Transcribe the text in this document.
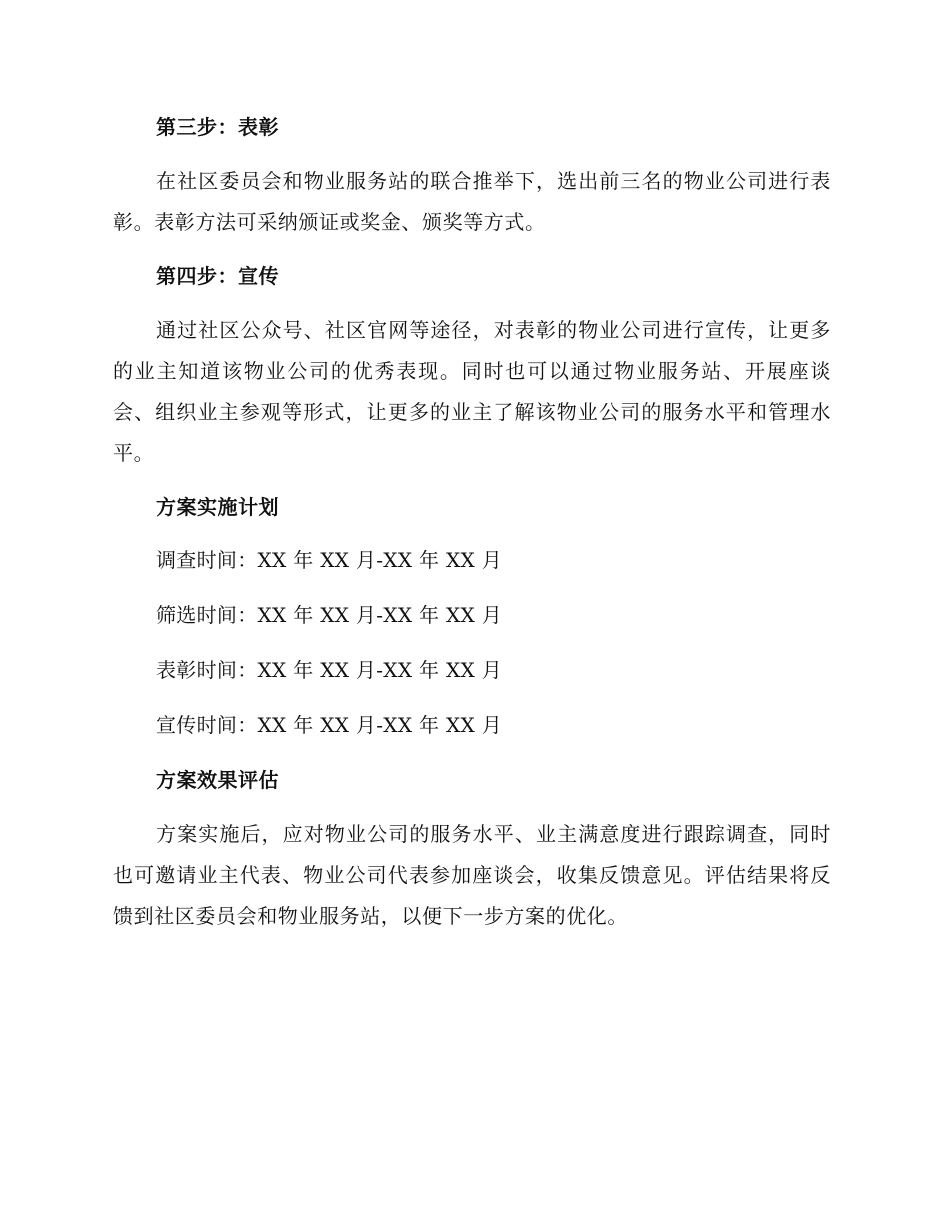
第三步：表彰
在社区委员会和物业服务站的联合推举下，选出前三名的物业公司进行表彰。表彰方法可采纳颁证或奖金、颁奖等方式。
第四步：宣传
通过社区公众号、社区官网等途径，对表彰的物业公司进行宣传，让更多的业主知道该物业公司的优秀表现。同时也可以通过物业服务站、开展座谈会、组织业主参观等形式，让更多的业主了解该物业公司的服务水平和管理水平。
方案实施计划
调查时间：XX 年 XX 月-XX 年 XX 月
筛选时间：XX 年 XX 月-XX 年 XX 月
表彰时间：XX 年 XX 月-XX 年 XX 月
宣传时间：XX 年 XX 月-XX 年 XX 月
方案效果评估
方案实施后，应对物业公司的服务水平、业主满意度进行跟踪调查，同时也可邀请业主代表、物业公司代表参加座谈会，收集反馈意见。评估结果将反馈到社区委员会和物业服务站，以便下一步方案的优化。
